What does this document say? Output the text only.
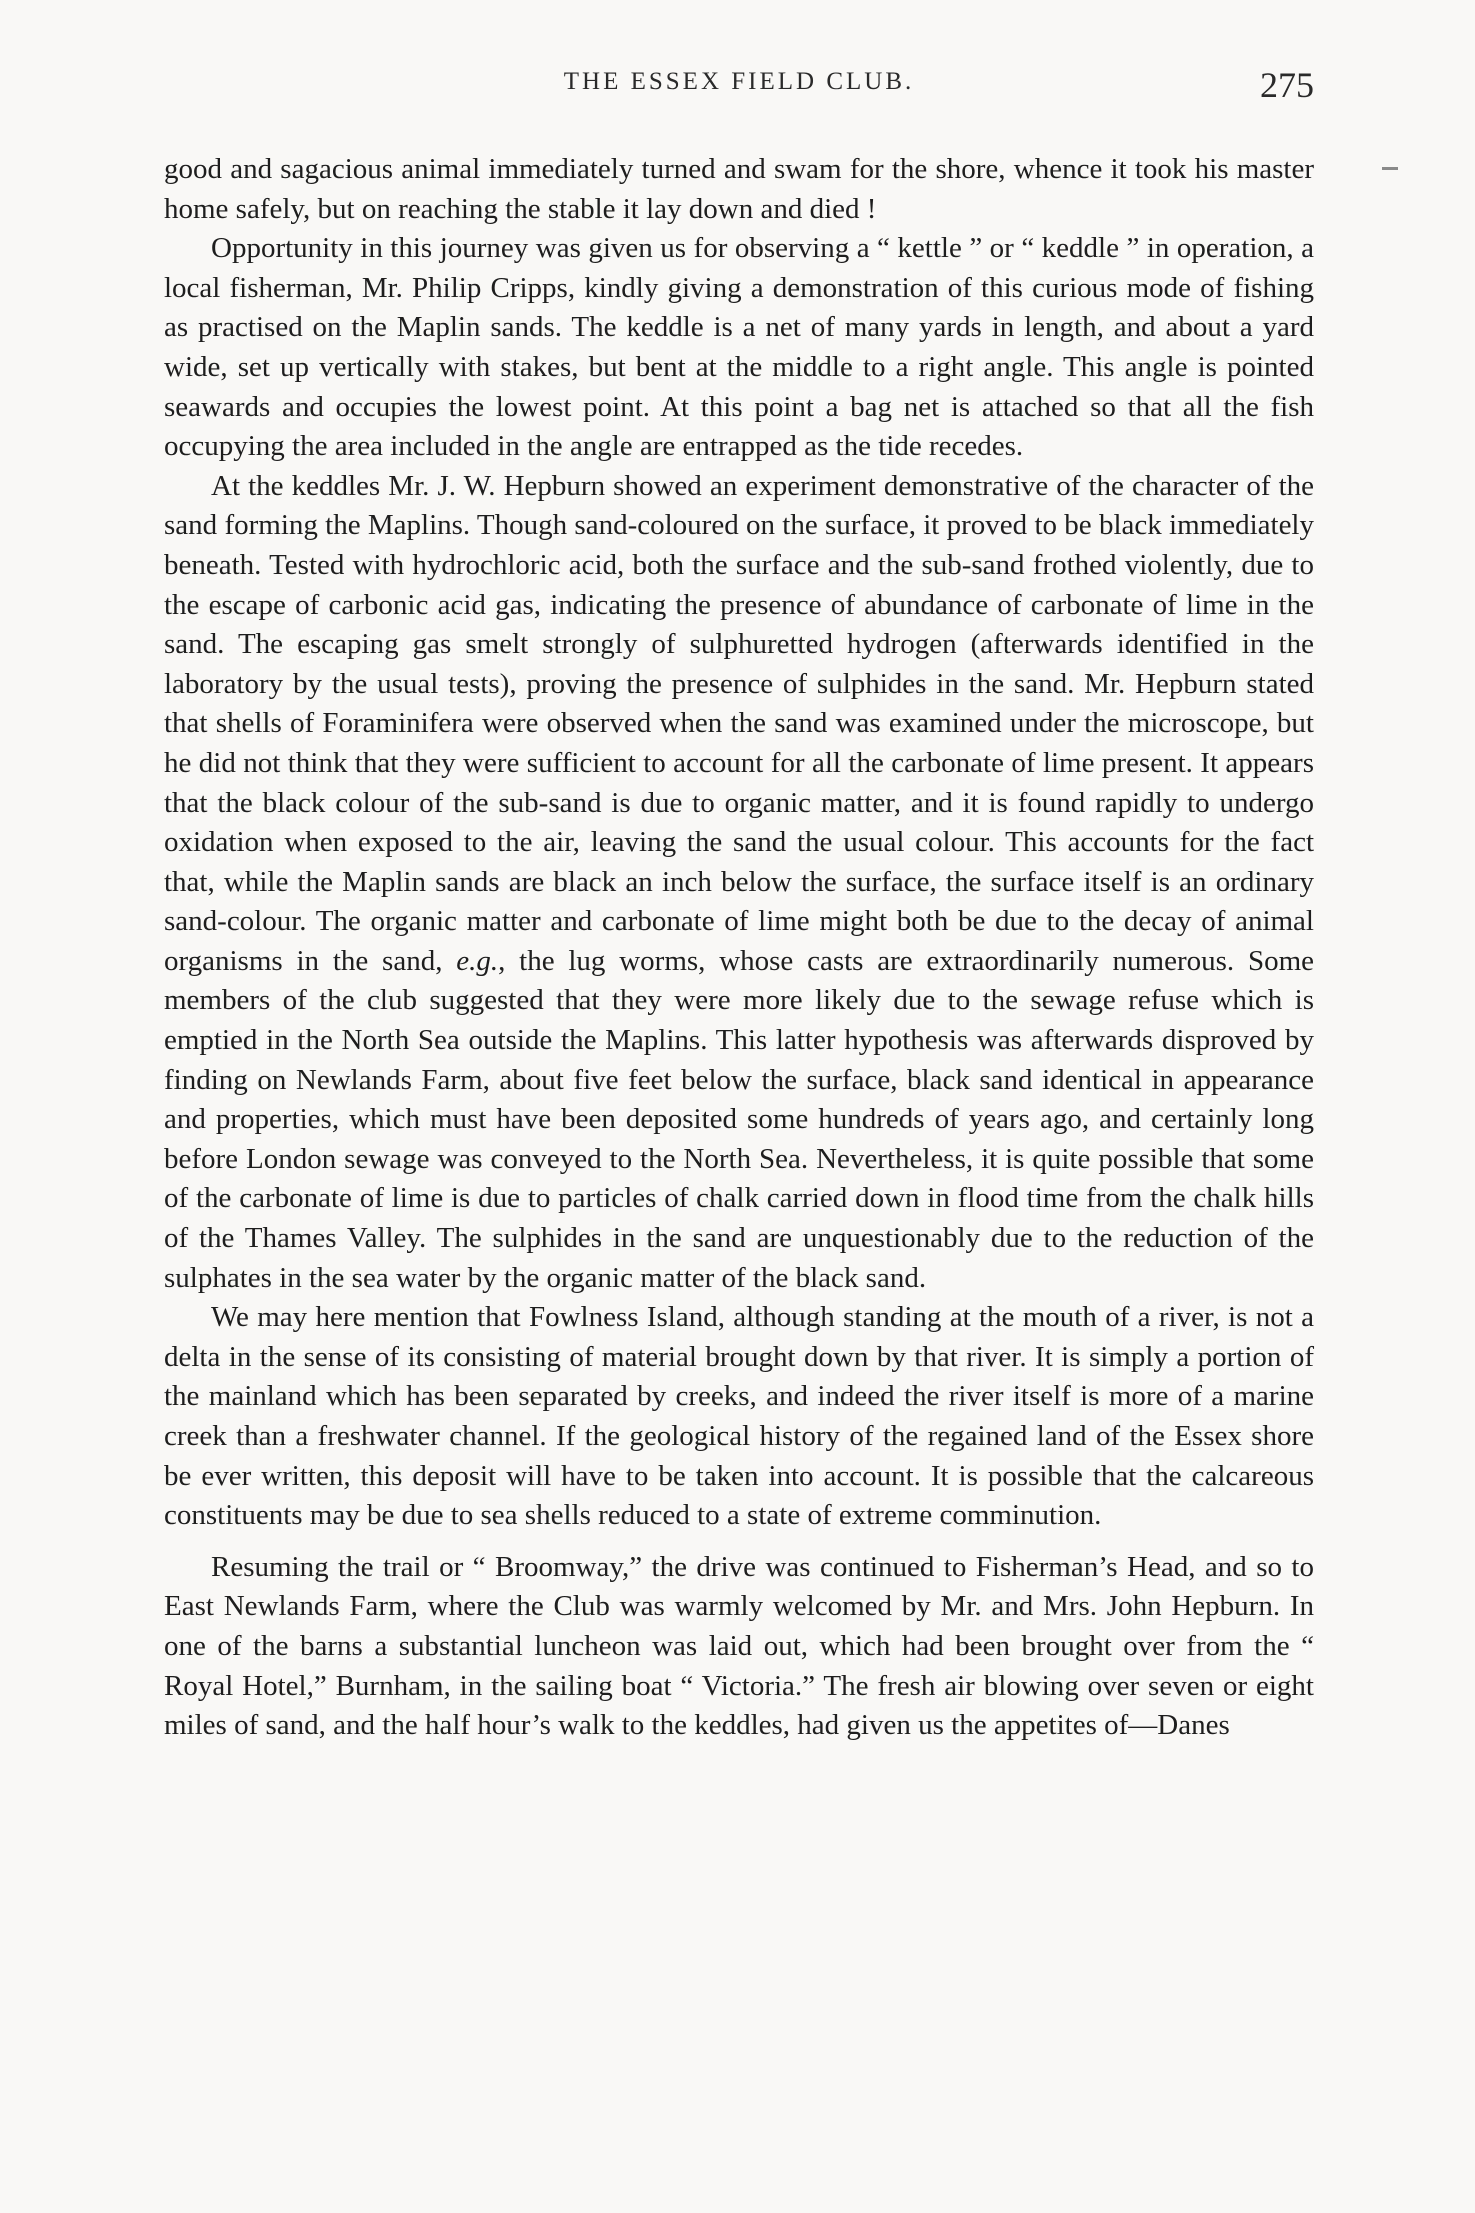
THE ESSEX FIELD CLUB.	275

good and sagacious animal immediately turned and swam for the shore, whence it took his master home safely, but on reaching the stable it lay down and died !

Opportunity in this journey was given us for observing a “ kettle ” or “ keddle ” in operation, a local fisherman, Mr. Philip Cripps, kindly giving a demonstration of this curious mode of fishing as practised on the Maplin sands. The keddle is a net of many yards in length, and about a yard wide, set up vertically with stakes, but bent at the middle to a right angle. This angle is pointed seawards and occupies the lowest point. At this point a bag net is attached so that all the fish occupying the area included in the angle are entrapped as the tide recedes.

At the keddles Mr. J. W. Hepburn showed an experiment demonstrative of the character of the sand forming the Maplins. Though sand-coloured on the surface, it proved to be black immediately beneath. Tested with hydrochloric acid, both the surface and the sub-sand frothed violently, due to the escape of carbonic acid gas, indicating the presence of abundance of carbonate of lime in the sand. The escaping gas smelt strongly of sulphuretted hydrogen (afterwards identified in the laboratory by the usual tests), proving the presence of sulphides in the sand. Mr. Hepburn stated that shells of Foraminifera were observed when the sand was examined under the microscope, but he did not think that they were sufficient to account for all the carbonate of lime present. It appears that the black colour of the sub-sand is due to organic matter, and it is found rapidly to undergo oxidation when exposed to the air, leaving the sand the usual colour. This accounts for the fact that, while the Maplin sands are black an inch below the surface, the surface itself is an ordinary sand-colour. The organic matter and carbonate of lime might both be due to the decay of animal organisms in the sand, e.g., the lug worms, whose casts are extraordinarily numerous. Some members of the club suggested that they were more likely due to the sewage refuse which is emptied in the North Sea outside the Maplins. This latter hypothesis was afterwards disproved by finding on Newlands Farm, about five feet below the surface, black sand identical in appearance and properties, which must have been deposited some hundreds of years ago, and certainly long before London sewage was conveyed to the North Sea. Nevertheless, it is quite possible that some of the carbonate of lime is due to particles of chalk carried down in flood time from the chalk hills of the Thames Valley. The sulphides in the sand are unquestionably due to the reduction of the sulphates in the sea water by the organic matter of the black sand.

We may here mention that Fowlness Island, although standing at the mouth of a river, is not a delta in the sense of its consisting of material brought down by that river. It is simply a portion of the mainland which has been separated by creeks, and indeed the river itself is more of a marine creek than a freshwater channel. If the geological history of the regained land of the Essex shore be ever written, this deposit will have to be taken into account. It is possible that the calcareous constituents may be due to sea shells reduced to a state of extreme comminution.

Resuming the trail or “ Broomway,” the drive was continued to Fisherman’s Head, and so to East Newlands Farm, where the Club was warmly welcomed by Mr. and Mrs. John Hepburn. In one of the barns a substantial luncheon was laid out, which had been brought over from the “ Royal Hotel,” Burnham, in the sailing boat “ Victoria.” The fresh air blowing over seven or eight miles of sand, and the half hour’s walk to the keddles, had given us the appetites of—Danes
